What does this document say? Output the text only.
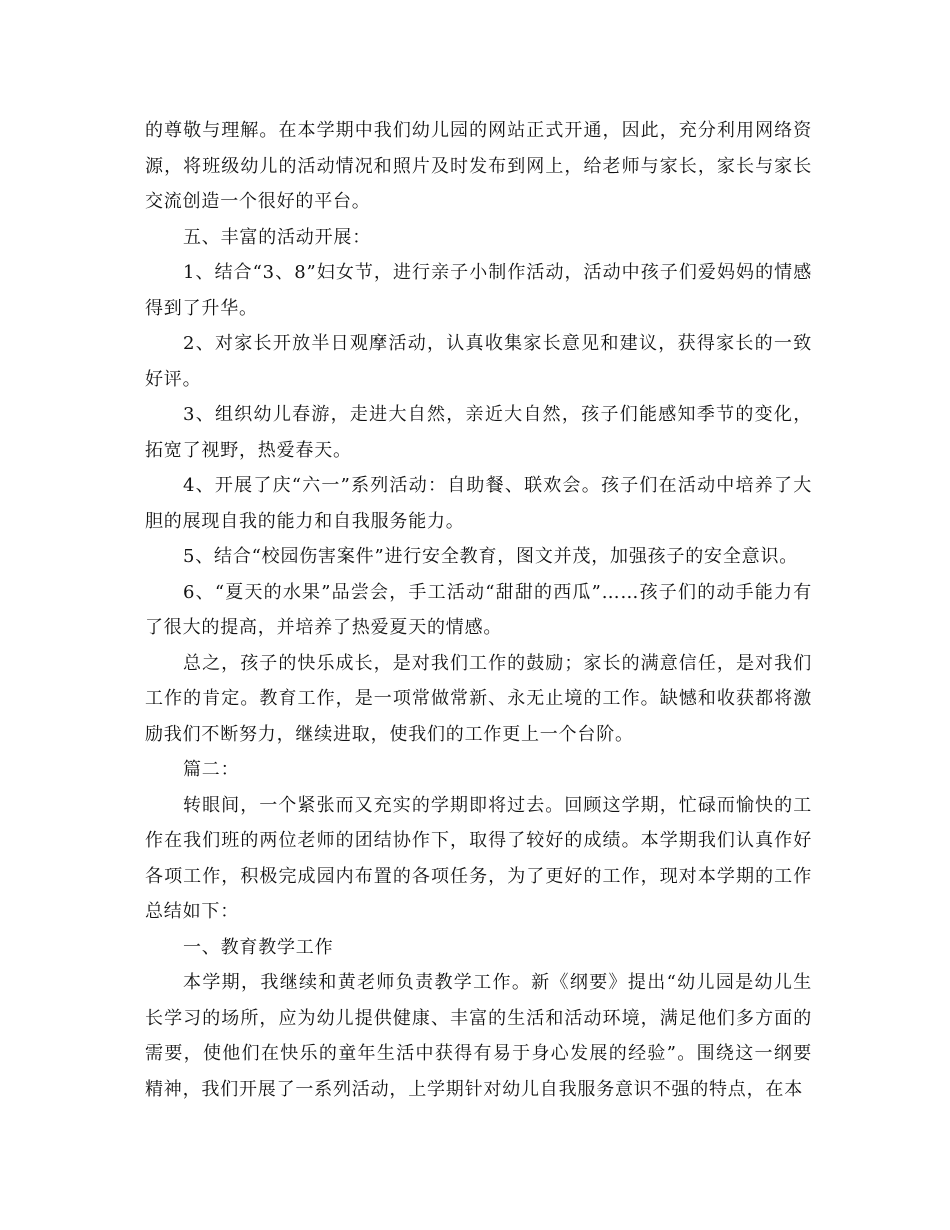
的尊敬与理解。在本学期中我们幼儿园的网站正式开通，因此，充分利用网络资源，将班级幼儿的活动情况和照片及时发布到网上，给老师与家长，家长与家长交流创造一个很好的平台。

五、丰富的活动开展：

1、结合“3、8”妇女节，进行亲子小制作活动，活动中孩子们爱妈妈的情感得到了升华。

2、对家长开放半日观摩活动，认真收集家长意见和建议，获得家长的一致好评。

3、组织幼儿春游，走进大自然，亲近大自然，孩子们能感知季节的变化，拓宽了视野，热爱春天。

4、开展了庆“六一”系列活动：自助餐、联欢会。孩子们在活动中培养了大胆的展现自我的能力和自我服务能力。

5、结合“校园伤害案件”进行安全教育，图文并茂，加强孩子的安全意识。

6、“夏天的水果”品尝会，手工活动“甜甜的西瓜”……孩子们的动手能力有了很大的提高，并培养了热爱夏天的情感。

总之，孩子的快乐成长，是对我们工作的鼓励；家长的满意信任，是对我们工作的肯定。教育工作，是一项常做常新、永无止境的工作。缺憾和收获都将激励我们不断努力，继续进取，使我们的工作更上一个台阶。

篇二：

转眼间，一个紧张而又充实的学期即将过去。回顾这学期，忙碌而愉快的工作在我们班的两位老师的团结协作下，取得了较好的成绩。本学期我们认真作好各项工作，积极完成园内布置的各项任务，为了更好的工作，现对本学期的工作总结如下：

一、教育教学工作

本学期，我继续和黄老师负责教学工作。新《纲要》提出“幼儿园是幼儿生长学习的场所，应为幼儿提供健康、丰富的生活和活动环境，满足他们多方面的需要，使他们在快乐的童年生活中获得有易于身心发展的经验”。围绕这一纲要精神，我们开展了一系列活动，上学期针对幼儿自我服务意识不强的特点，在本
